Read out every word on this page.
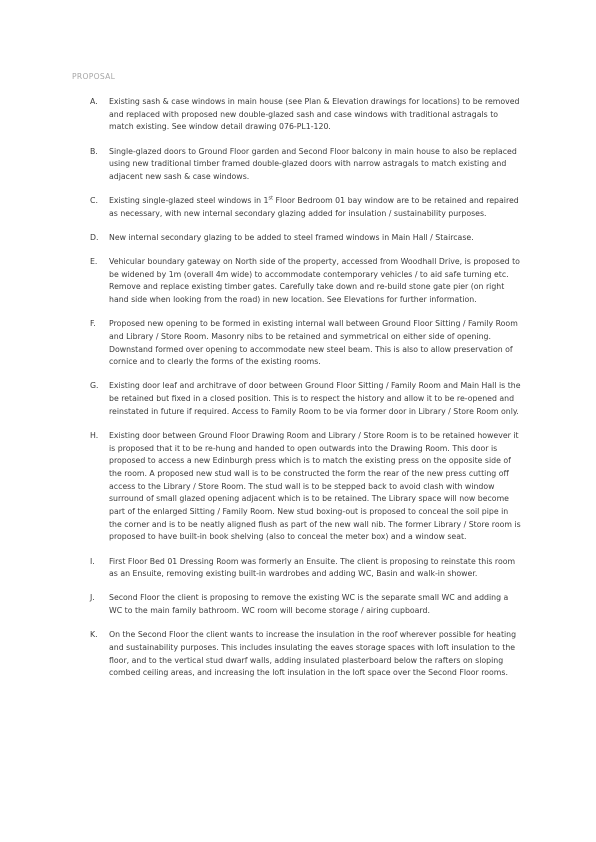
PROPOSAL
A.	Existing sash & case windows in main house (see Plan & Elevation drawings for locations) to be removed and replaced with proposed new double-glazed sash and case windows with traditional astragals to match existing. See window detail drawing 076-PL1-120.
B.	Single-glazed doors to Ground Floor garden and Second Floor balcony in main house to also be replaced using new traditional timber framed double-glazed doors with narrow astragals to match existing and adjacent new sash & case windows.
C.	Existing single-glazed steel windows in 1st Floor Bedroom 01 bay window are to be retained and repaired as necessary, with new internal secondary glazing added for insulation / sustainability purposes.
D.	New internal secondary glazing to be added to steel framed windows in Main Hall / Staircase.
E.	Vehicular boundary gateway on North side of the property, accessed from Woodhall Drive, is proposed to be widened by 1m (overall 4m wide) to accommodate contemporary vehicles / to aid safe turning etc. Remove and replace existing timber gates. Carefully take down and re-build stone gate pier (on right hand side when looking from the road) in new location. See Elevations for further information.
F.	Proposed new opening to be formed in existing internal wall between Ground Floor Sitting / Family Room and Library / Store Room. Masonry nibs to be retained and symmetrical on either side of opening. Downstand formed over opening to accommodate new steel beam. This is also to allow preservation of cornice and to clearly the forms of the existing rooms.
G.	Existing door leaf and architrave of door between Ground Floor Sitting / Family Room and Main Hall is the be retained but fixed in a closed position. This is to respect the history and allow it to be re-opened and reinstated in future if required. Access to Family Room to be via former door in Library / Store Room only.
H.	Existing door between Ground Floor Drawing Room and Library / Store Room is to be retained however it is proposed that it to be re-hung and handed to open outwards into the Drawing Room. This door is proposed to access a new Edinburgh press which is to match the existing press on the opposite side of the room. A proposed new stud wall is to be constructed the form the rear of the new press cutting off access to the Library / Store Room. The stud wall is to be stepped back to avoid clash with window surround of small glazed opening adjacent which is to be retained. The Library space will now become part of the enlarged Sitting / Family Room. New stud boxing-out is proposed to conceal the soil pipe in the corner and is to be neatly aligned flush as part of the new wall nib. The former Library / Store room is proposed to have built-in book shelving (also to conceal the meter box) and a window seat.
I.	First Floor Bed 01 Dressing Room was formerly an Ensuite. The client is proposing to reinstate this room as an Ensuite, removing existing built-in wardrobes and adding WC, Basin and walk-in shower.
J.	Second Floor the client is proposing to remove the existing WC is the separate small WC and adding a WC to the main family bathroom. WC room will become storage / airing cupboard.
K.	On the Second Floor the client wants to increase the insulation in the roof wherever possible for heating and sustainability purposes. This includes insulating the eaves storage spaces with loft insulation to the floor, and to the vertical stud dwarf walls, adding insulated plasterboard below the rafters on sloping combed ceiling areas, and increasing the loft insulation in the loft space over the Second Floor rooms.
